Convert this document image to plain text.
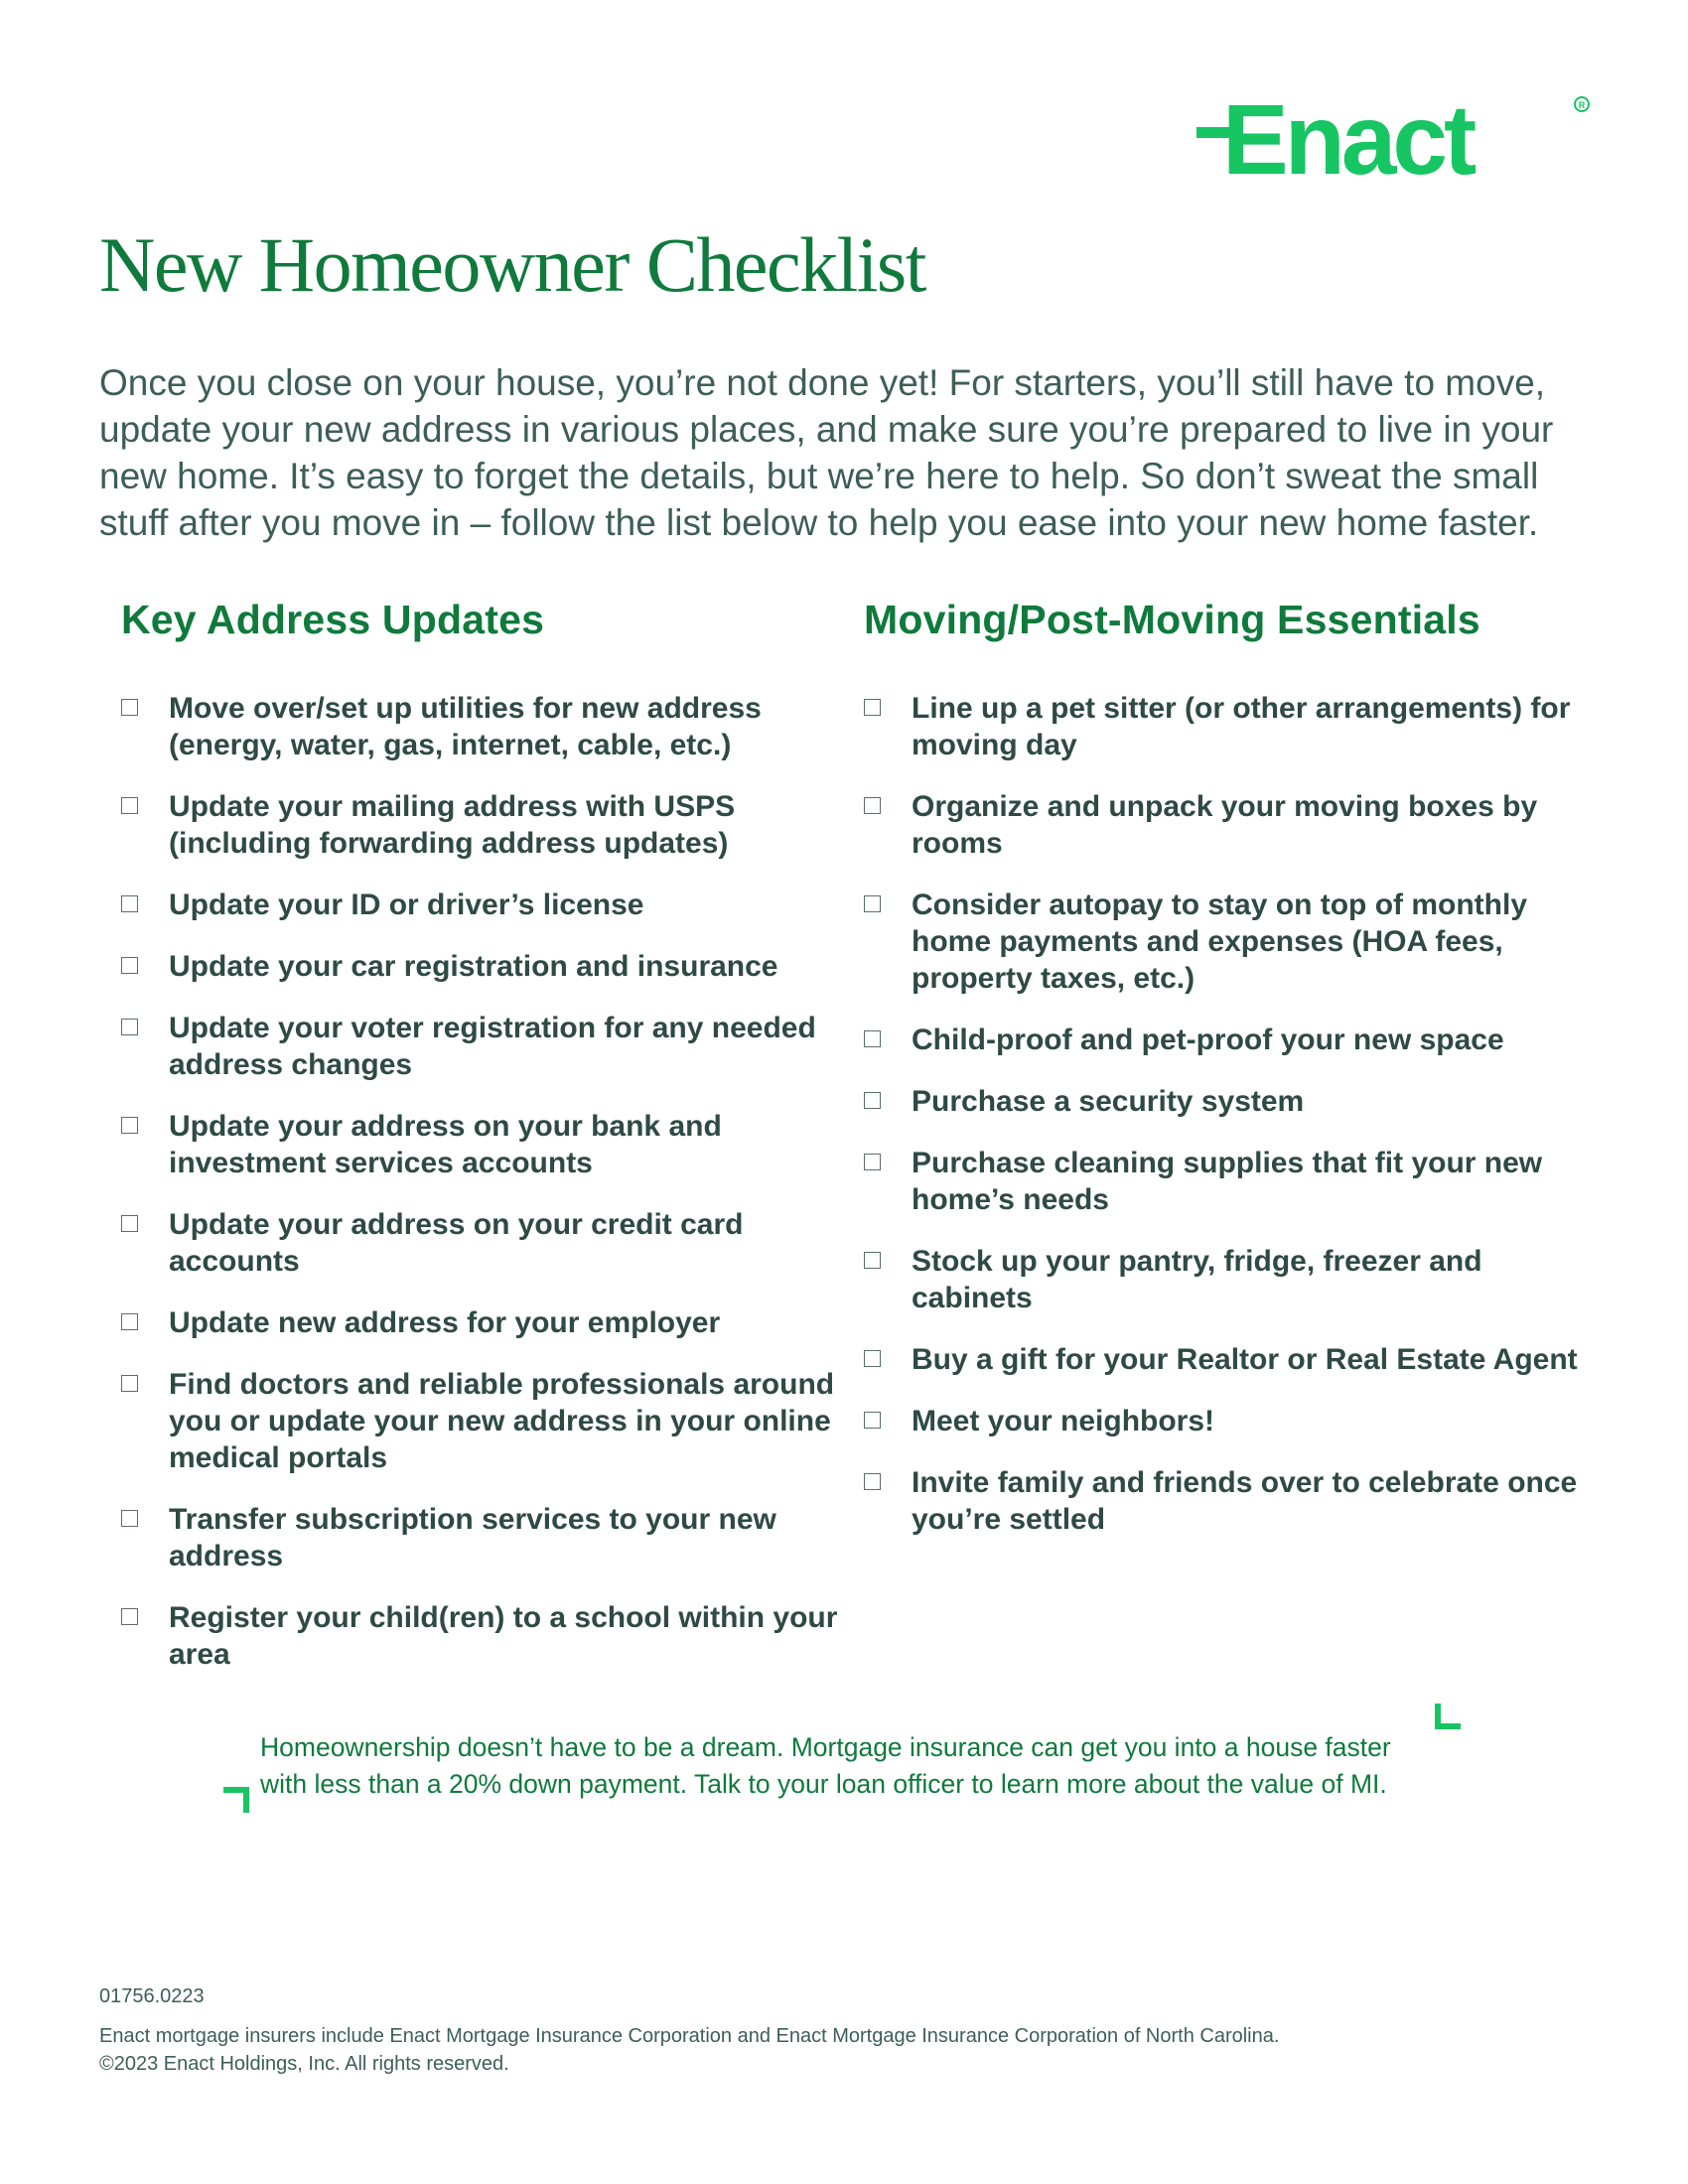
Enact	R
New Homeowner Checklist

Once you close on your house, you’re not done yet! For starters, you’ll still have to move, update your new address in various places, and make sure you’re prepared to live in your new home. It’s easy to forget the details, but we’re here to help. So don’t sweat the small stuff after you move in – follow the list below to help you ease into your new home faster.

Key Address Updates
Move over/set up utilities for new address (energy, water, gas, internet, cable, etc.)
Update your mailing address with USPS (including forwarding address updates)
Update your ID or driver’s license
Update your car registration and insurance
Update your voter registration for any needed address changes
Update your address on your bank and investment services accounts
Update your address on your credit card accounts
Update new address for your employer
Find doctors and reliable professionals around you or update your new address in your online medical portals
Transfer subscription services to your new address
Register your child(ren) to a school within your area
Moving/Post-Moving Essentials
Line up a pet sitter (or other arrangements) for moving day
Organize and unpack your moving boxes by rooms
Consider autopay to stay on top of monthly home payments and expenses (HOA fees, property taxes, etc.)
Child-proof and pet-proof your new space
Purchase a security system
Purchase cleaning supplies that fit your new home’s needs
Stock up your pantry, fridge, freezer and cabinets
Buy a gift for your Realtor or Real Estate Agent
Meet your neighbors!
Invite family and friends over to celebrate once you’re settled

Homeownership doesn’t have to be a dream. Mortgage insurance can get you into a house faster with less than a 20% down payment. Talk to your loan officer to learn more about the value of MI.

01756.0223

Enact mortgage insurers include Enact Mortgage Insurance Corporation and Enact Mortgage Insurance Corporation of North Carolina.
©2023 Enact Holdings, Inc. All rights reserved.
